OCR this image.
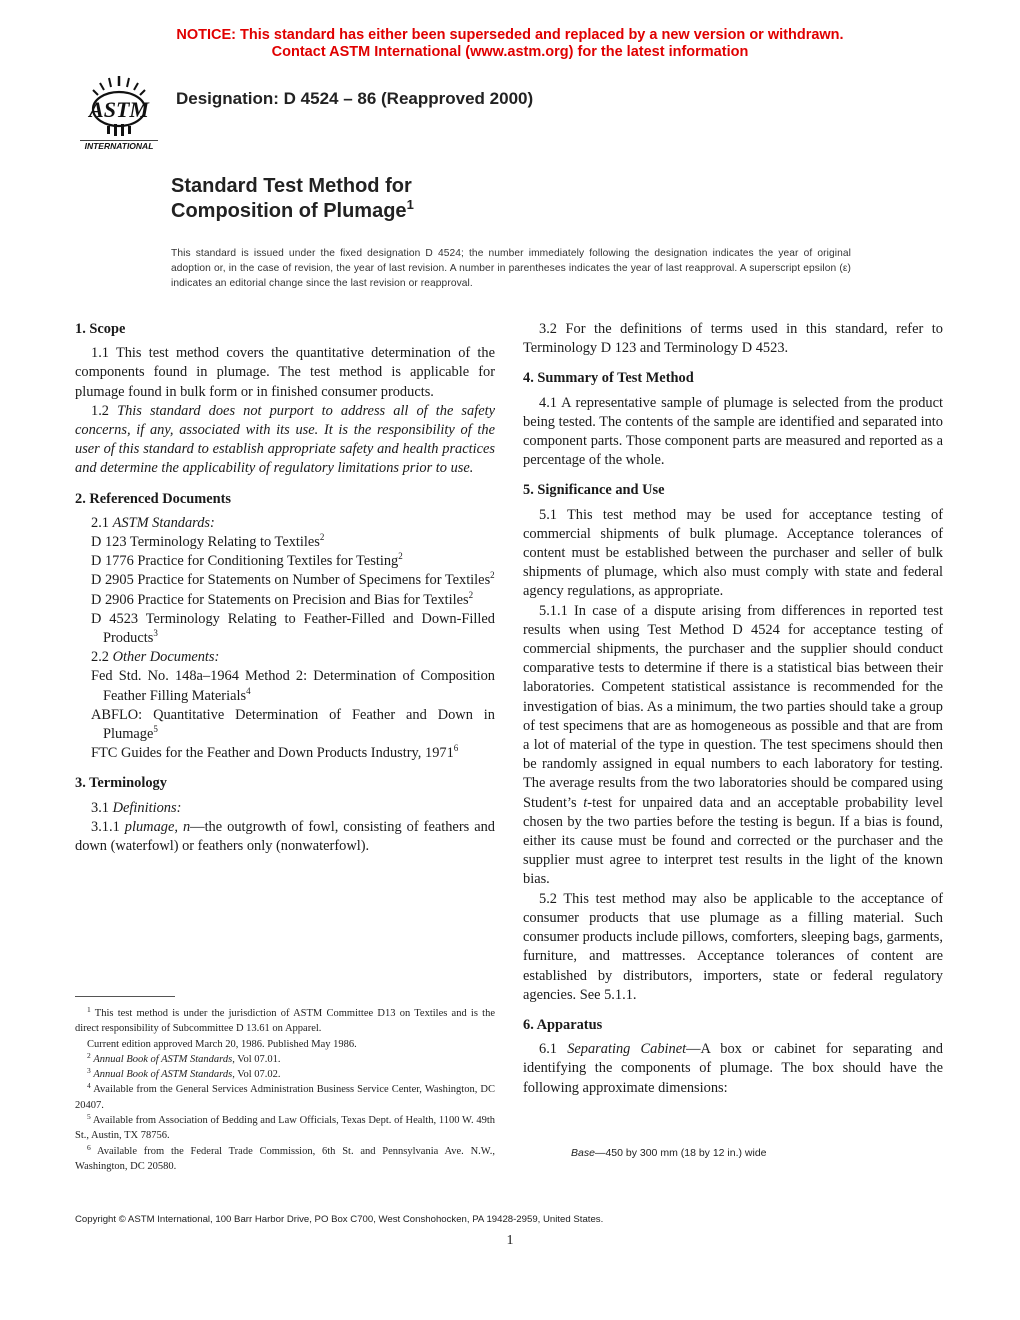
NOTICE: This standard has either been superseded and replaced by a new version or withdrawn.
Contact ASTM International (www.astm.org) for the latest information
ASTM
INTERNATIONAL
Designation: D 4524 – 86 (Reapproved 2000)
Standard Test Method for
Composition of Plumage$^1$
This standard is issued under the fixed designation D 4524; the number immediately following the designation indicates the year of original adoption or, in the case of revision, the year of last revision. A number in parentheses indicates the year of last reapproval. A superscript epsilon (ε) indicates an editorial change since the last revision or reapproval.
1. Scope

1.1 This test method covers the quantitative determination of the components found in plumage. The test method is applicable for plumage found in bulk form or in finished consumer products.

1.2 This standard does not purport to address all of the safety concerns, if any, associated with its use. It is the responsibility of the user of this standard to establish appropriate safety and health practices and determine the applicability of regulatory limitations prior to use.

2. Referenced Documents

2.1 ASTM Standards:

D 123 Terminology Relating to Textiles$^2$

D 1776 Practice for Conditioning Textiles for Testing$^2$

D 2905 Practice for Statements on Number of Specimens for Textiles$^2$

D 2906 Practice for Statements on Precision and Bias for Textiles$^2$

D 4523 Terminology Relating to Feather-Filled and Down-Filled Products$^3$

2.2 Other Documents:

Fed Std. No. 148a–1964 Method 2: Determination of Composition Feather Filling Materials$^4$

ABFLO: Quantitative Determination of Feather and Down in Plumage$^5$

FTC Guides for the Feather and Down Products Industry, 1971$^6$

3. Terminology

3.1 Definitions:

3.1.1 plumage, n—the outgrowth of fowl, consisting of feathers and down (waterfowl) or feathers only (nonwaterfowl).

$^1$ This test method is under the jurisdiction of ASTM Committee D13 on Textiles and is the direct responsibility of Subcommittee D 13.61 on Apparel.

Current edition approved March 20, 1986. Published May 1986.

$^2$ Annual Book of ASTM Standards, Vol 07.01.

$^3$ Annual Book of ASTM Standards, Vol 07.02.

$^4$ Available from the General Services Administration Business Service Center, Washington, DC 20407.

$^5$ Available from Association of Bedding and Law Officials, Texas Dept. of Health, 1100 W. 49th St., Austin, TX 78756.

$^6$ Available from the Federal Trade Commission, 6th St. and Pennsylvania Ave. N.W., Washington, DC 20580.

3.2 For the definitions of terms used in this standard, refer to Terminology D 123 and Terminology D 4523.

4. Summary of Test Method

4.1 A representative sample of plumage is selected from the product being tested. The contents of the sample are identified and separated into component parts. Those component parts are measured and reported as a percentage of the whole.

5. Significance and Use

5.1 This test method may be used for acceptance testing of commercial shipments of bulk plumage. Acceptance tolerances of content must be established between the purchaser and seller of bulk shipments of plumage, which also must comply with state and federal agency regulations, as appropriate.

5.1.1 In case of a dispute arising from differences in reported test results when using Test Method D 4524 for acceptance testing of commercial shipments, the purchaser and the supplier should conduct comparative tests to determine if there is a statistical bias between their laboratories. Competent statistical assistance is recommended for the investigation of bias. As a minimum, the two parties should take a group of test specimens that are as homogeneous as possible and that are from a lot of material of the type in question. The test specimens should then be randomly assigned in equal numbers to each laboratory for testing. The average results from the two laboratories should be compared using Student’s t-test for unpaired data and an acceptable probability level chosen by the two parties before the testing is begun. If a bias is found, either its cause must be found and corrected or the purchaser and the supplier must agree to interpret test results in the light of the known bias.

5.2 This test method may also be applicable to the acceptance of consumer products that use plumage as a filling material. Such consumer products include pillows, comforters, sleeping bags, garments, furniture, and mattresses. Acceptance tolerances of content are established by distributors, importers, state or federal regulatory agencies. See 5.1.1.

6. Apparatus

6.1 Separating Cabinet—A box or cabinet for separating and identifying the components of plumage. The box should have the following approximate dimensions:

Base—450 by 300 mm (18 by 12 in.) wide
Copyright © ASTM International, 100 Barr Harbor Drive, PO Box C700, West Conshohocken, PA 19428-2959, United States.
1
